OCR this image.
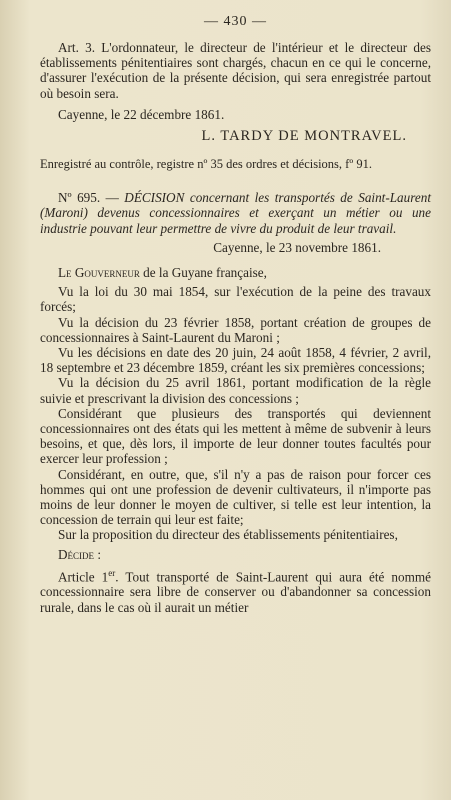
— 430 —

Art. 3. L'ordonnateur, le directeur de l'intérieur et le directeur des établissements pénitentiaires sont chargés, chacun en ce qui le concerne, d'assurer l'exécution de la présente décision, qui sera enregistrée partout où besoin sera.

Cayenne, le 22 décembre 1861.

L. TARDY DE MONTRAVEL.

Enregistré au contrôle, registre nº 35 des ordres et décisions, fº 91.

Nº 695. — DÉCISION concernant les transportés de Saint-Laurent (Maroni) devenus concessionnaires et exerçant un métier ou une industrie pouvant leur permettre de vivre du produit de leur travail.

Cayenne, le 23 novembre 1861.

Le Gouverneur de la Guyane française,

Vu la loi du 30 mai 1854, sur l'exécution de la peine des travaux forcés;

Vu la décision du 23 février 1858, portant création de groupes de concessionnaires à Saint-Laurent du Maroni ;

Vu les décisions en date des 20 juin, 24 août 1858, 4 février, 2 avril, 18 septembre et 23 décembre 1859, créant les six premières concessions;

Vu la décision du 25 avril 1861, portant modification de la règle suivie et prescrivant la division des concessions ;

Considérant que plusieurs des transportés qui deviennent concessionnaires ont des états qui les mettent à même de subvenir à leurs besoins, et que, dès lors, il importe de leur donner toutes facultés pour exercer leur profession ;

Considérant, en outre, que, s'il n'y a pas de raison pour forcer ces hommes qui ont une profession de devenir cultivateurs, il n'importe pas moins de leur donner le moyen de cultiver, si telle est leur intention, la concession de terrain qui leur est faite;

Sur la proposition du directeur des établissements pénitentiaires,

Décide :

Article 1er. Tout transporté de Saint-Laurent qui aura été nommé concessionnaire sera libre de conserver ou d'abandonner sa concession rurale, dans le cas où il aurait un métier
